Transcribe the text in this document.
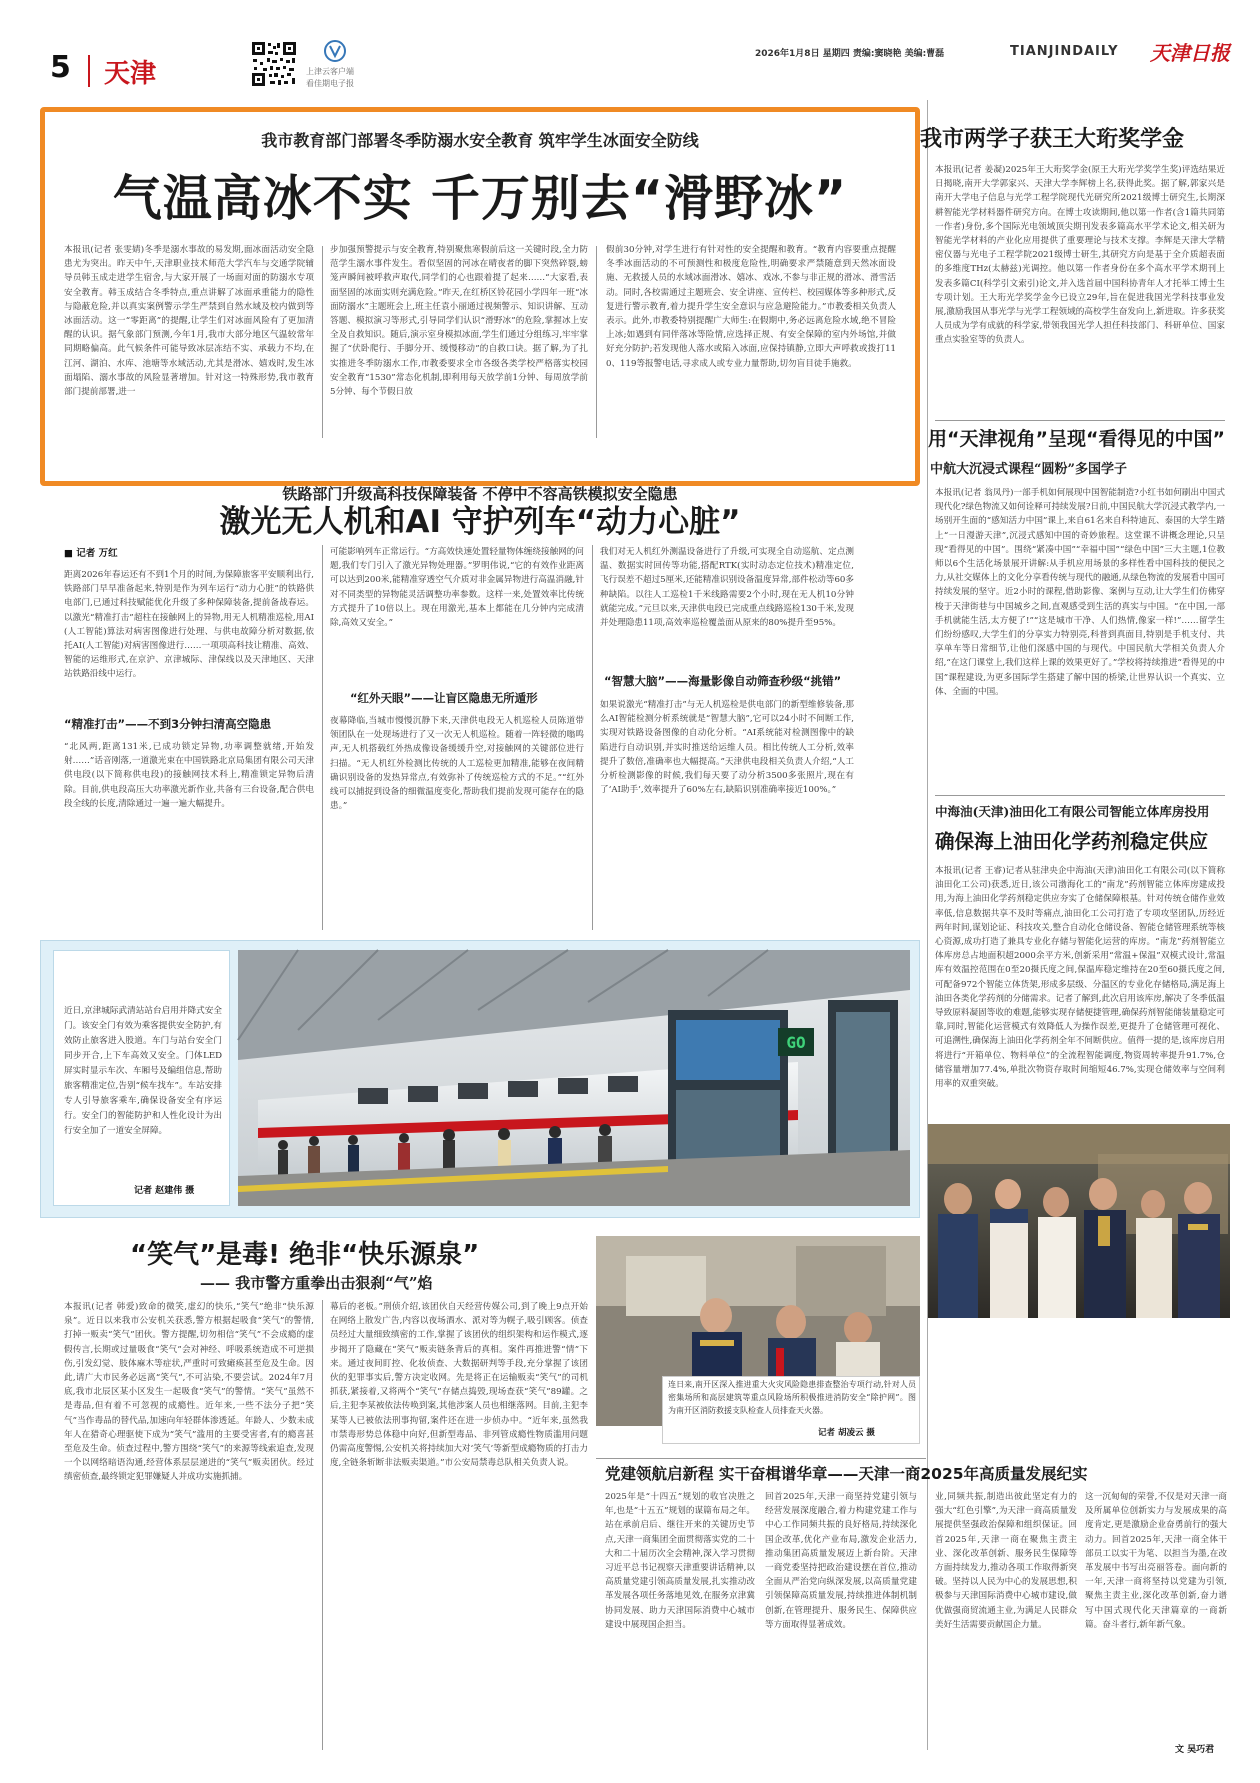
5 天津	上津云客户端
看佳期电子报
2026年1月8日 星期四 责编:窦晓艳 美编:曹磊	TIANJINDAILY 天津日报
我市教育部门部署冬季防溺水安全教育 筑牢学生冰面安全防线
气温高冰不实 千万别去“滑野冰”
本报讯(记者 张雯婧)冬季是溺水事故的易发期,面冰面活动安全隐患尤为突出。昨天中午,天津职业技术师范大学汽车与交通学院辅导员韩玉成走进学生宿舍,与大家开展了一场面对面的防溺水专项安全教育。韩玉成结合冬季特点,重点讲解了冰面承重能力的隐性与隐蔽危险,并以真实案例警示学生严禁到自然水域及校内做到等冰面活动。这一“零距离”的提醒,让学生们对冰面风险有了更加清醒的认识。据气象部门预测,今年1月,我市大部分地区气温较常年同期略偏高。此气候条件可能导致冰层冻结不实、承载力不均,在江河、湖泊、水库、池塘等水域活动,尤其是滑冰、嬉戏时,发生冰面塌陷、溺水事故的风险显著增加。针对这一特殊形势,我市教育部门提前部署,进一
步加强预警提示与安全教育,特别聚焦寒假前后这一关键时段,全力防范学生溺水事件发生。看似坚固的河冰在晴夜者的脚下突然碎裂,螃笼声瞬间被呼救声取代,同学们的心也跟着提了起来……“大家看,表面坚固的冰面实则充满危险。”昨天,在红桥区铃花园小学四年一班“冰面防溺水”主题班会上,班主任袁小丽通过视频警示、知识讲解、互动答题、模拟演习等形式,引导同学们认识“滑野冰”的危险,掌握冰上安全及自救知识。随后,演示室身模拟冰面,学生们通过分组练习,牢牢掌握了“伏卧爬行、手脚分开、缓慢移动”的自救口诀。据了解,为了扎实推进冬季防溺水工作,市教委要求全市各级各类学校严格落实校园安全教育“1530”常态化机制,即利用每天放学前1分钟、每周放学前5分钟、每个节假日放
假前30分钟,对学生进行有针对性的安全提醒和教育。“教育内容要重点提醒冬季冰面活动的不可预测性和极度危险性,明确要求严禁随意到天然冰面设施、无救援人员的水域冰面滑冰、嬉冰、戏冰,不参与非正规的滑冰、滑雪活动。同时,各校需通过主题班会、安全讲座、宣传栏、校园媒体等多种形式,反复进行警示教育,着力提升学生安全意识与应急避险能力。”市教委相关负责人表示。此外,市教委特别提醒广大师生:在假期中,务必远离危险水域,绝不冒险上冰;如遇到有同伴落冰等险情,应选择正规、有安全保障的室内外场馆,并做好充分防护;若发现他人落水或陷入冰面,应保持镇静,立即大声呼救或拨打110、119等报警电话,寻求成人或专业力量帮助,切勿盲目徒手施救。
铁路部门升级高科技保障装备 不停中不容高铁模拟安全隐患
我市两学子获王大珩奖学金
本报讯(记者 姜凝)2025年王大珩奖学金(原王大珩光学奖学生奖)评选结果近日揭晓,南开大学郭家兴、天津大学李辉榜上名,获得此奖。据了解,郭家兴是南开大学电子信息与光学工程学院现代光研究所2021级博士研究生,长期深耕智能光学材料器件研究方向。在博士攻读期间,他以第一作者(含1篇共同第一作者)身份,多个国际光电领域顶尖期刊发表多篇高水平学术论文,相关研为智能光学材料的产业化应用提供了重要理论与技术支撑。李辉是天津大学精密仪器与光电子工程学院2021级博士研生,其研究方向是基于全介质超表面的多维度THz(太赫兹)光调控。他以第一作者身份在多个高水平学术期刊上发表多篇CI(科学引文索引)论文,并入选首届中国科协青年人才托举工博士生专项计划。王大珩光学奖学金今已设立29年,旨在促进我国光学科技事业发展,激励我国从事光学与光学工程领域的高校学生奋发向上,新进取。许多获奖人员成为学有成就的科学家,带领我国光学人担任科技部门、科研单位、国家重点实验室等的负责人。
用“天津视角”呈现“看得见的中国”
中航大沉浸式课程“圆粉”多国学子
本报讯(记者 翁凤丹)一部手机如何展现中国智能制造?小红书如何刷出中国式现代化?绿色物流又如何诠释可持续发展?日前,中国民航大学沉浸式教学内,一场别开生面的“感知活力中国”课上,来自61名来自科特迪瓦、泰国的大学生踏上“一日漫游天津”,沉浸式感知中国的奇妙旅程。这堂课不讲概念理论,只呈现“看得见的中国”。围绕“紧凑中国”“幸福中国”“绿色中国”三大主题,1位教师以6个生活化场景展开讲解:从手机应用场景的多样性看中国科技的便民之力,从社交媒体上的文化分享看传统与现代的融通,从绿色物流的发展看中国可持续发展的坚守。近2小时的课程,借助影像、案例与互动,让大学生们仿佛穿梭于天津街巷与中国城乡之间,直观感受到生活的真实与中国。“在中国,一部手机就能生活,太方便了!”“这是城市干净、人们热情,像家一样!”……留学生们纷纷感叹,大学生们的分享实力特别亮,科普到真面目,特别是手机支付、共享单车等日常细节,让他们深感中国的与现代。中国民航大学相关负责人介绍,“在这门课堂上,我们这样上课的效果更好了。”学校将持续推进“看得见的中国”课程建设,为更多国际学生搭建了解中国的桥梁,让世界认识一个真实、立体、全面的中国。
中海油(天津)油田化工有限公司智能立体库房投用
确保海上油田化学药剂稳定供应
本报讯(记者 王睿)记者从驻津央企中海油(天津)油田化工有限公司(以下简称油田化工公司)获悉,近日,该公司渤海化工的“南龙”药剂智能立体库房建成投用,为海上油田化学药剂稳定供应夯实了仓储保障根基。针对传统仓储作业效率低,信息数据共享不及时等痛点,油田化工公司打造了专项攻坚团队,历经近两年时间,谋划论证、科技攻关,整合自动化仓储设备、智能仓储管理系统等核心资源,成功打造了兼具专业化存储与智能化运营的库房。“南龙”药剂智能立体库房总占地面积超2000余平方米,创新采用“常温+保温”双模式设计,常温库有效温控范围在0至20摄氏度之间,保温库稳定维持在20至60摄氏度之间,可配备972个智能立体货架,形成多层级、分温区的专业化存储格局,满足海上油田各类化学药剂的分储需求。记者了解到,此次启用该库房,解决了冬季低温导致原料凝固等收的难题,能够实现存储便捷管理,确保药剂智能储装量稳定可靠,同时,智能化运营模式有效降低人为操作误差,更提升了仓储管理可视化、可追溯性,确保海上油田化学药剂全年不间断供应。值得一提的是,该库房启用将进行“开箱单位、物料单位”的全流程智能调度,物资周转率提升91.7%,仓储容量增加77.4%,单批次物资存取时间缩短46.7%,实现仓储效率与空间利用率的双重突破。
激光无人机和AI 守护列车“动力心脏”
■ 记者 万红
距离2026年春运还有不到1个月的时间,为保障旅客平安顺利出行,铁路部门早早准备起来,特别是作为列车运行“动力心脏”的铁路供电部门,已通过科技赋能优化升级了多种保障装备,提前备战春运。以激光“精准打击”超柱在接触网上的异物,用无人机精准巡检,用AI(人工智能)算法对病害图像进行处理、与供电故障分析对数据,依托AI(人工智能)对病害图像进行……一项项高科技让精准、高效、智能的运维形式,在京沪、京津城际、津保线以及天津地区、天津站铁路沿线中运行。
“精准打击”——不到3分钟扫清高空隐患
“北风两,距离131米,已成功锁定异物,功率调整就绪,开始发射……”话音刚落,一道激光束在中国铁路北京局集团有限公司天津供电段(以下简称供电段)的接触网技术科上,精准锁定异物后清除。目前,供电段高压大功率激光新作业,共备有三台设备,配合供电段全线的长度,清除通过一遍一遍大幅提升。
可能影响列车正常运行。“方高效快速处置轻量物体缠绕接触网的问题,我们专门引入了激光异物处理器。”罗明伟说,“它的有效作业距离可以达到200米,能精准穿透空气介质对非金属异物进行高温消融,针对不同类型的异物能灵活调整功率参数。这样一来,处置效率比传统方式提升了10倍以上。现在用激光,基本上都能在几分钟内完成清除,高效又安全。”
“红外天眼”——让盲区隐患无所遁形
夜幕降临,当城市慢慢沉静下来,天津供电段无人机巡检人员陈道带领团队在一处现场进行了又一次无人机巡检。随着一阵轻微的嗡鸣声,无人机搭载红外热成像设备缓缓升空,对接触网的关键部位进行扫描。“无人机红外检测比传统的人工巡检更加精准,能够在夜间精确识别设备的发热异常点,有效弥补了传统巡检方式的不足。”“红外线可以捕捉到设备的细微温度变化,帮助我们提前发现可能存在的隐患。”
我们对无人机红外测温设备进行了升级,可实现全自动巡航、定点测温、数据实时回传等功能,搭配RTK(实时动态定位技术)精准定位,飞行误差不超过5厘米,还能精准识别设备温度异常,部件松动等60多种缺陷。以往人工巡检1千米线路需要2个小时,现在无人机10分钟就能完成。”元旦以来,天津供电段已完成重点线路巡检130千米,发现并处理隐患11项,高效率巡检覆盖面从原来的80%提升至95%。
“智慧大脑”——海量影像自动筛查秒级“挑错”
如果说激光“精准打击”与无人机巡检是供电部门的新型维修装备,那么AI智能检测分析系统就是“智慧大脑”,它可以24小时不间断工作,实现对铁路设备图像的自动化分析。“AI系统能对检测图像中的缺陷进行自动识别,并实时推送给运维人员。相比传统人工分析,效率提升了数倍,准确率也大幅提高。”天津供电段相关负责人介绍,“人工分析检测影像的时候,我们每天要了动分析3500多张照片,现在有了‘AI助手’,效率提升了60%左右,缺陷识别准确率接近100%。”
近日,京津城际武清站站台启用并降式安全门。该安全门有效为乘客提供安全防护,有效防止旅客进入股道。车门与站台安全门同步开合,上下车高效又安全。门体LED屏实时显示车次、车厢号及编组信息,帮助旅客精准定位,告别“候车找车”。车站安排专人引导旅客乘车,确保设备安全有序运行。安全门的智能防护和人性化设计为出行安全加了一道安全屏障。
记者 赵建伟 摄
GO
“笑气”是毒! 绝非“快乐源泉”
—— 我市警方重拳出击狠刹“气”焰
本报讯(记者 韩爱)致命的微笑,虚幻的快乐,“笑气”绝非“快乐源泉”。近日以来我市公安机关获悉,警方根据起吸食“笑气”的警情,打掉一贩卖“笑气”团伙。警方提醒,切勿相信“笑气”不会成瘾的虚假传言,长期或过量吸食“笑气”会对神经、呼吸系统造成不可逆损伤,引发幻觉、肢体麻木等症状,严重时可致瘫痪甚至危及生命。因此,请广大市民务必远离“笑气”,不可沾染,不要尝试。2024年7月底,我市北辰区某小区发生一起吸食“笑气”的警情。“笑气”虽然不是毒品,但有着不可忽视的成瘾性。近年来,一些不法分子把“笑气”当作毒品的替代品,加速向年轻群体渗透延。年龄人、少数未成年人在猎奇心理驱使下成为“笑气”滥用的主要受害者,有的瘾喜甚至危及生命。侦查过程中,警方围绕“笑气”的来源等线索追查,发现一个以网络暗语沟通,经营体系层层递进的“笑气”贩卖团伙。经过缜密侦查,最终锁定犯罪嫌疑人并成功实施抓捕。
幕后的老板。”刑侦介绍,该团伙自天经营传媒公司,到了晚上9点开始在网络上散发广告,内容以夜场酒水、派对等为幌子,吸引顾客。侦查员经过大量细致缜密的工作,掌握了该团伙的组织架构和运作模式,逐步揭开了隐藏在“笑气”贩卖链条背后的真相。案件再推进警“情”下来。通过夜间盯控、化妆侦查、大数据研判等手段,充分掌握了该团伙的犯罪事实后,警方决定收网。先是将正在运输贩卖“笑气”的司机抓获,紧接着,又将两个“笑气”存储点捣毁,现场查获“笑气”89罐。之后,主犯李某被依法传唤到案,其他涉案人员也相继落网。目前,主犯李某等人已被依法刑事拘留,案件还在进一步侦办中。“近年来,虽然我市禁毒形势总体稳中向好,但新型毒品、非列管成瘾性物质滥用问题仍需高度警惕,公安机关将持续加大对‘笑气’等新型成瘾物质的打击力度,全链条斩断非法贩卖渠道。”市公安局禁毒总队相关负责人说。
连日来,南开区深入推进重大火灾风险隐患排查整治专项行动,针对人员密集场所和高层建筑等重点风险场所积极推进消防安全“除护网”。图为南开区消防救援支队检查人员排查天火器。
记者 胡凌云 摄
党建领航启新程 实干奋楫谱华章——天津一商2025年高质量发展纪实
2025年是“十四五”规划的收官决胜之年,也是“十五五”规划的谋篇布局之年。站在承前启后、继往开来的关键历史节点,天津一商集团全面贯彻落实党的二十大和二十届历次全会精神,深入学习贯彻习近平总书记视察天津重要讲话精神,以高质量党建引领高质量发展,扎实推动改革发展各项任务落地见效,在服务京津冀协同发展、助力天津国际消费中心城市建设中展现国企担当。
回首2025年,天津一商坚持党建引领与经营发展深度融合,着力构建党建工作与中心工作同频共振的良好格局,持续深化国企改革,优化产业布局,激发企业活力,推动集团高质量发展迈上新台阶。天津一商党委坚持把政治建设摆在首位,推动全面从严治党向纵深发展,以高质量党建引领保障高质量发展,持续推进体制机制创新,在管理提升、服务民生、保障供应等方面取得显著成效。
业,同频共振,制造出彼此坚定有力的强大“红色引擎”,为天津一商高质量发展提供坚强政治保障和组织保证。回首2025年,天津一商在聚焦主责主业、深化改革创新、服务民生保障等方面持续发力,推动各项工作取得新突破。坚持以人民为中心的发展思想,积极参与天津国际消费中心城市建设,做优做强商贸流通主业,为满足人民群众美好生活需要贡献国企力量。
这一沉甸甸的荣誉,不仅是对天津一商及所属单位创新实力与发展成果的高度肯定,更是激励企业奋勇前行的强大动力。回首2025年,天津一商全体干部员工以实干为笔、以担当为墨,在改革发展中书写出亮丽答卷。面向新的一年,天津一商将坚持以党建为引领,聚焦主责主业,深化改革创新,奋力谱写中国式现代化天津篇章的一商新篇。奋斗者行,新年新气象。
文 吴巧君
